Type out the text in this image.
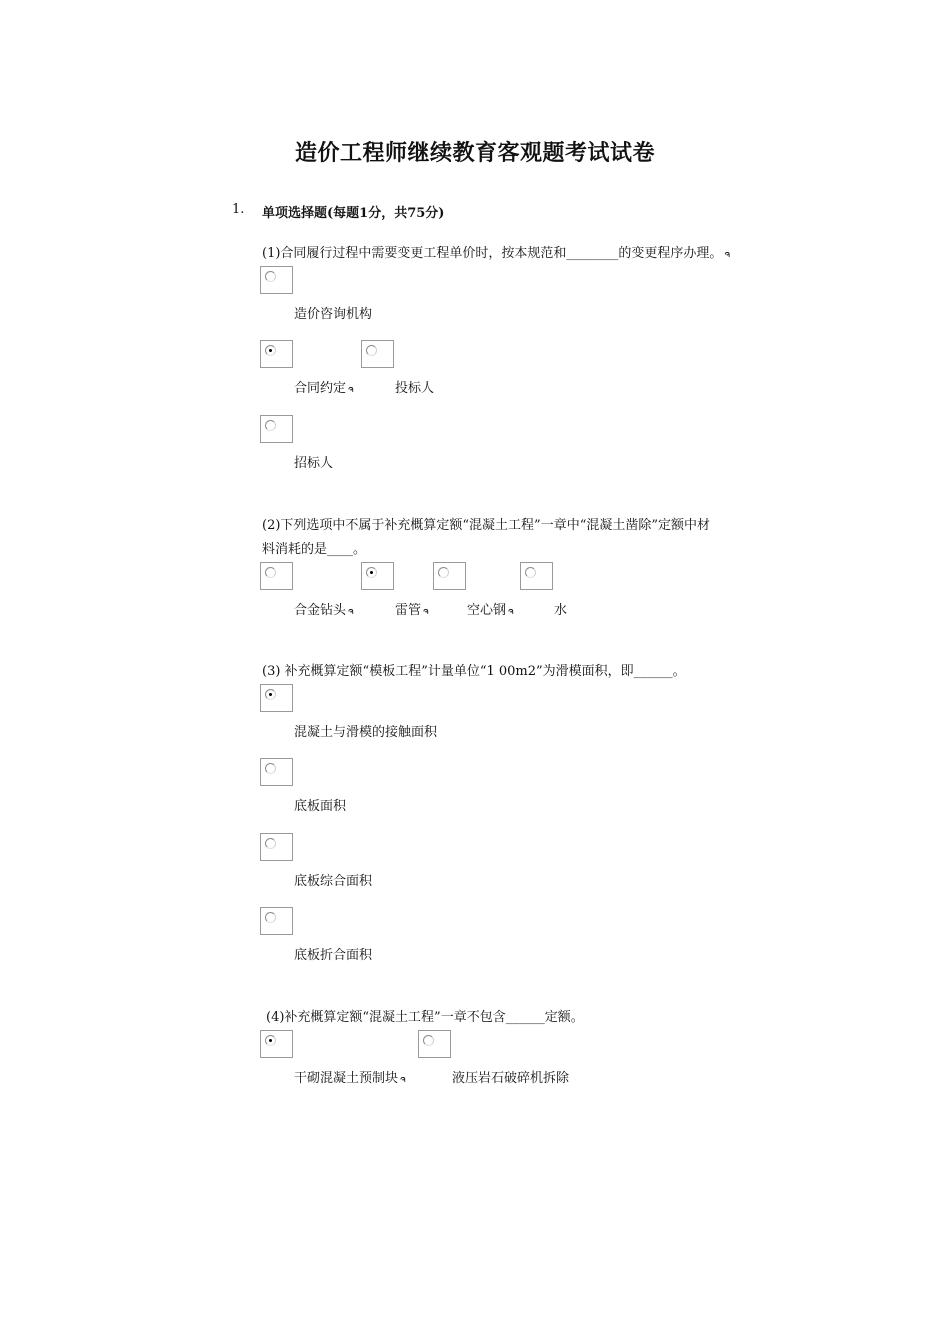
造价工程师继续教育客观题考试试卷
1. 单项选择题(每题1分，共75分)
(1)合同履行过程中需要变更工程单价时，按本规范和________的变更程序办理。 ຈ
造价咨询机构
合同约定 ຈ	投标人
招标人
(2)下列选项中不属于补充概算定额“混凝土工程”一章中“混凝土凿除”定额中材
料消耗的是____。
合金钻头 ຈ	雷管 ຈ	空心钢 ຈ	水
(3) 补充概算定额“模板工程”计量单位“1 00m2”为滑模面积，即______。
混凝土与滑模的接触面积
底板面积
底板综合面积
底板折合面积
(4)补充概算定额“混凝土工程”一章不包含______定额。
干砌混凝土预制块 ຈ	液压岩石破碎机拆除
